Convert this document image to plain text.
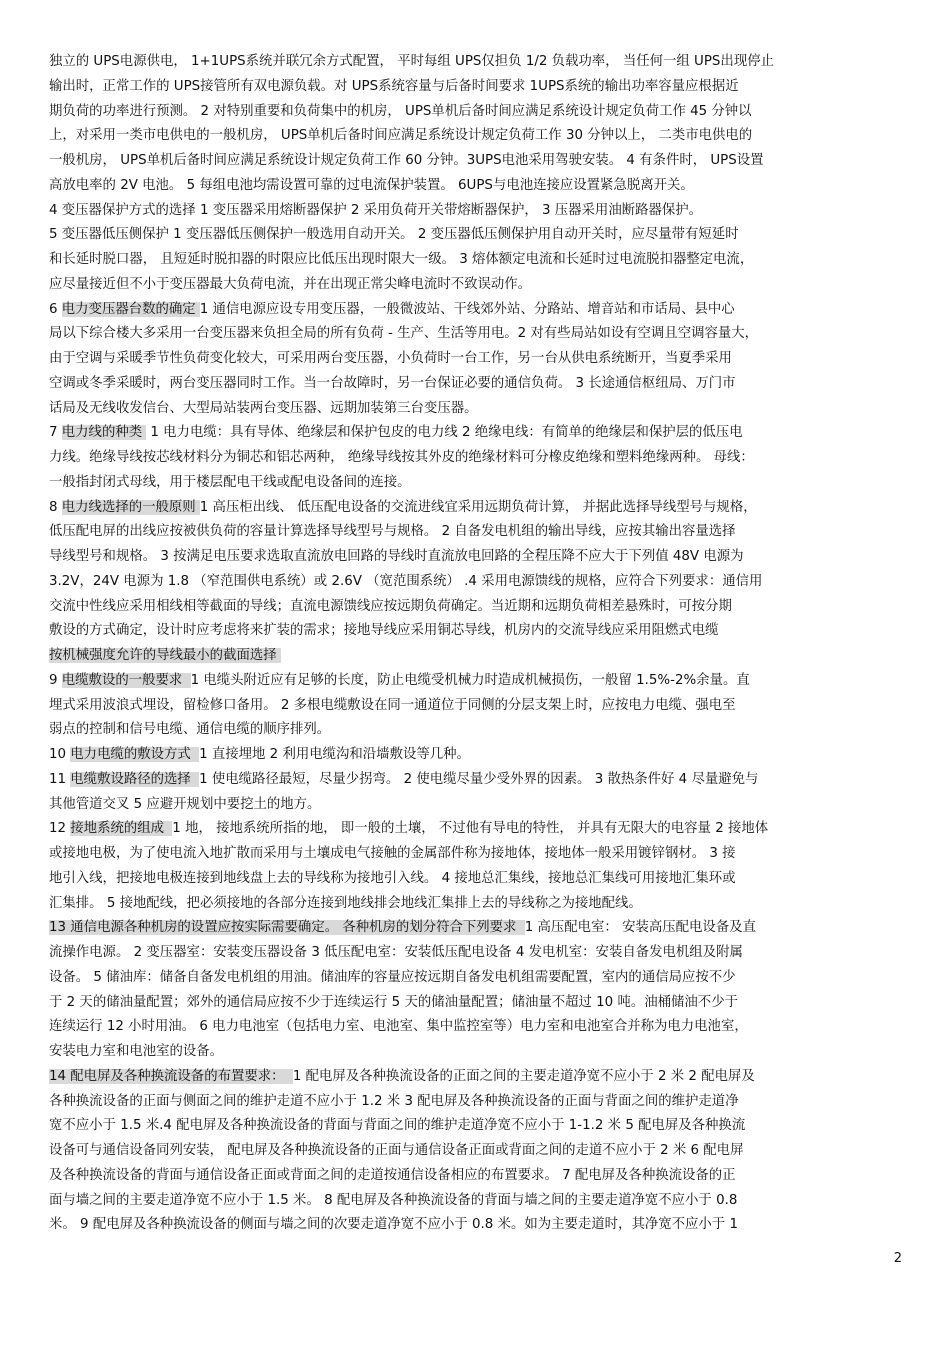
独立的 UPS电源供电， 1+1UPS系统并联冗余方式配置， 平时每组 UPS仅担负 1/2 负载功率， 当任何一组 UPS出现停止
输出时，正常工作的 UPS接管所有双电源负载。对 UPS系统容量与后备时间要求 1UPS系统的输出功率容量应根据近
期负荷的功率进行预测。 2 对特别重要和负荷集中的机房， UPS单机后备时间应满足系统设计规定负荷工作 45 分钟以
上，对采用一类市电供电的一般机房， UPS单机后备时间应满足系统设计规定负荷工作 30 分钟以上， 二类市电供电的
一般机房， UPS单机后备时间应满足系统设计规定负荷工作 60 分钟。3UPS电池采用驾驶安装。 4 有条件时， UPS设置
高放电率的 2V 电池。 5 每组电池均需设置可靠的过电流保护装置。 6UPS与电池连接应设置紧急脱离开关。
4 变压器保护方式的选择 1 变压器采用熔断器保护 2 采用负荷开关带熔断器保护， 3 压器采用油断路器保护。
5 变压器低压侧保护 1 变压器低压侧保护一般选用自动开关。 2 变压器低压侧保护用自动开关时，应尽量带有短延时
和长延时脱口器， 且短延时脱扣器的时限应比低压出现时限大一级。 3 熔体额定电流和长延时过电流脱扣器整定电流，
应尽量接近但不小于变压器最大负荷电流，并在出现正常尖峰电流时不致误动作。
6 电力变压器台数的确定 1 通信电源应设专用变压器，一般微波站、干线郊外站、分路站、增音站和市话局、县中心
局以下综合楼大多采用一台变压器来负担全局的所有负荷 - 生产、生活等用电。2 对有些局站如设有空调且空调容量大，
由于空调与采暖季节性负荷变化较大，可采用两台变压器，小负荷时一台工作，另一台从供电系统断开，当夏季采用
空调或冬季采暖时，两台变压器同时工作。当一台故障时，另一台保证必要的通信负荷。 3 长途通信枢纽局、万门市
话局及无线收发信台、大型局站装两台变压器、远期加装第三台变压器。
7 电力线的种类 1 电力电缆：具有导体、绝缘层和保护包皮的电力线 2 绝缘电线：有简单的绝缘层和保护层的低压电
力线。绝缘导线按芯线材料分为铜芯和铝芯两种， 绝缘导线按其外皮的绝缘材料可分橡皮绝缘和塑料绝缘两种。 母线：
一般指封闭式母线，用于楼层配电干线或配电设备间的连接。
8 电力线选择的一般原则 1 高压柜出线、 低压配电设备的交流进线宜采用远期负荷计算， 并据此选择导线型号与规格，
低压配电屏的出线应按被供负荷的容量计算选择导线型号与规格。 2 自备发电机组的输出导线，应按其输出容量选择
导线型号和规格。 3 按满足电压要求选取直流放电回路的导线时直流放电回路的全程压降不应大于下列值 48V 电源为
3.2V，24V 电源为 1.8 （窄范围供电系统）或 2.6V （宽范围系统） .4 采用电源馈线的规格，应符合下列要求：通信用
交流中性线应采用相线相等截面的导线；直流电源馈线应按远期负荷确定。当近期和远期负荷相差悬殊时，可按分期
敷设的方式确定，设计时应考虑将来扩装的需求；接地导线应采用铜芯导线，机房内的交流导线应采用阻燃式电缆
按机械强度允许的导线最小的截面选择
9 电缆敷设的一般要求 1 电缆头附近应有足够的长度，防止电缆受机械力时造成机械损伤，一般留 1.5%-2%余量。直
埋式采用波浪式埋设，留检修口备用。 2 多根电缆敷设在同一通道位于同侧的分层支架上时，应按电力电缆、强电至
弱点的控制和信号电缆、通信电缆的顺序排列。
10 电力电缆的敷设方式 1 直接埋地 2 利用电缆沟和沿墙敷设等几种。
11 电缆敷设路径的选择 1 使电缆路径最短，尽量少拐弯。 2 使电缆尽量少受外界的因素。 3 散热条件好 4 尽量避免与
其他管道交叉 5 应避开规划中要挖土的地方。
12 接地系统的组成 1 地， 接地系统所指的地， 即一般的土壤， 不过他有导电的特性， 并具有无限大的电容量 2 接地体
或接地电极，为了使电流入地扩散而采用与土壤成电气接触的金属部件称为接地体，接地体一般采用镀锌钢材。 3 接
地引入线，把接地电极连接到地线盘上去的导线称为接地引入线。 4 接地总汇集线，接地总汇集线可用接地汇集环或
汇集排。 5 接地配线，把必须接地的各部分连接到地线排会地线汇集排上去的导线称之为接地配线。
13 通信电源各种机房的设置应按实际需要确定。 各种机房的划分符合下列要求 1 高压配电室： 安装高压配电设备及直
流操作电源。 2 变压器室：安装变压器设备 3 低压配电室：安装低压配电设备 4 发电机室：安装自备发电机组及附属
设备。 5 储油库：储备自备发电机组的用油。储油库的容量应按远期自备发电机组需要配置，室内的通信局应按不少
于 2 天的储油量配置；郊外的通信局应按不少于连续运行 5 天的储油量配置；储油量不超过 10 吨。油桶储油不少于
连续运行 12 小时用油。 6 电力电池室（包括电力室、电池室、集中监控室等）电力室和电池室合并称为电力电池室，
安装电力室和电池室的设备。
14 配电屏及各种换流设备的布置要求： 1 配电屏及各种换流设备的正面之间的主要走道净宽不应小于 2 米 2 配电屏及
各种换流设备的正面与侧面之间的维护走道不应小于 1.2 米 3 配电屏及各种换流设备的正面与背面之间的维护走道净
宽不应小于 1.5 米.4 配电屏及各种换流设备的背面与背面之间的维护走道净宽不应小于 1-1.2 米 5 配电屏及各种换流
设备可与通信设备同列安装， 配电屏及各种换流设备的正面与通信设备正面或背面之间的走道不应小于 2 米 6 配电屏
及各种换流设备的背面与通信设备正面或背面之间的走道按通信设备相应的布置要求。 7 配电屏及各种换流设备的正
面与墙之间的主要走道净宽不应小于 1.5 米。 8 配电屏及各种换流设备的背面与墙之间的主要走道净宽不应小于 0.8
米。 9 配电屏及各种换流设备的侧面与墙之间的次要走道净宽不应小于 0.8 米。如为主要走道时，其净宽不应小于 1
2
